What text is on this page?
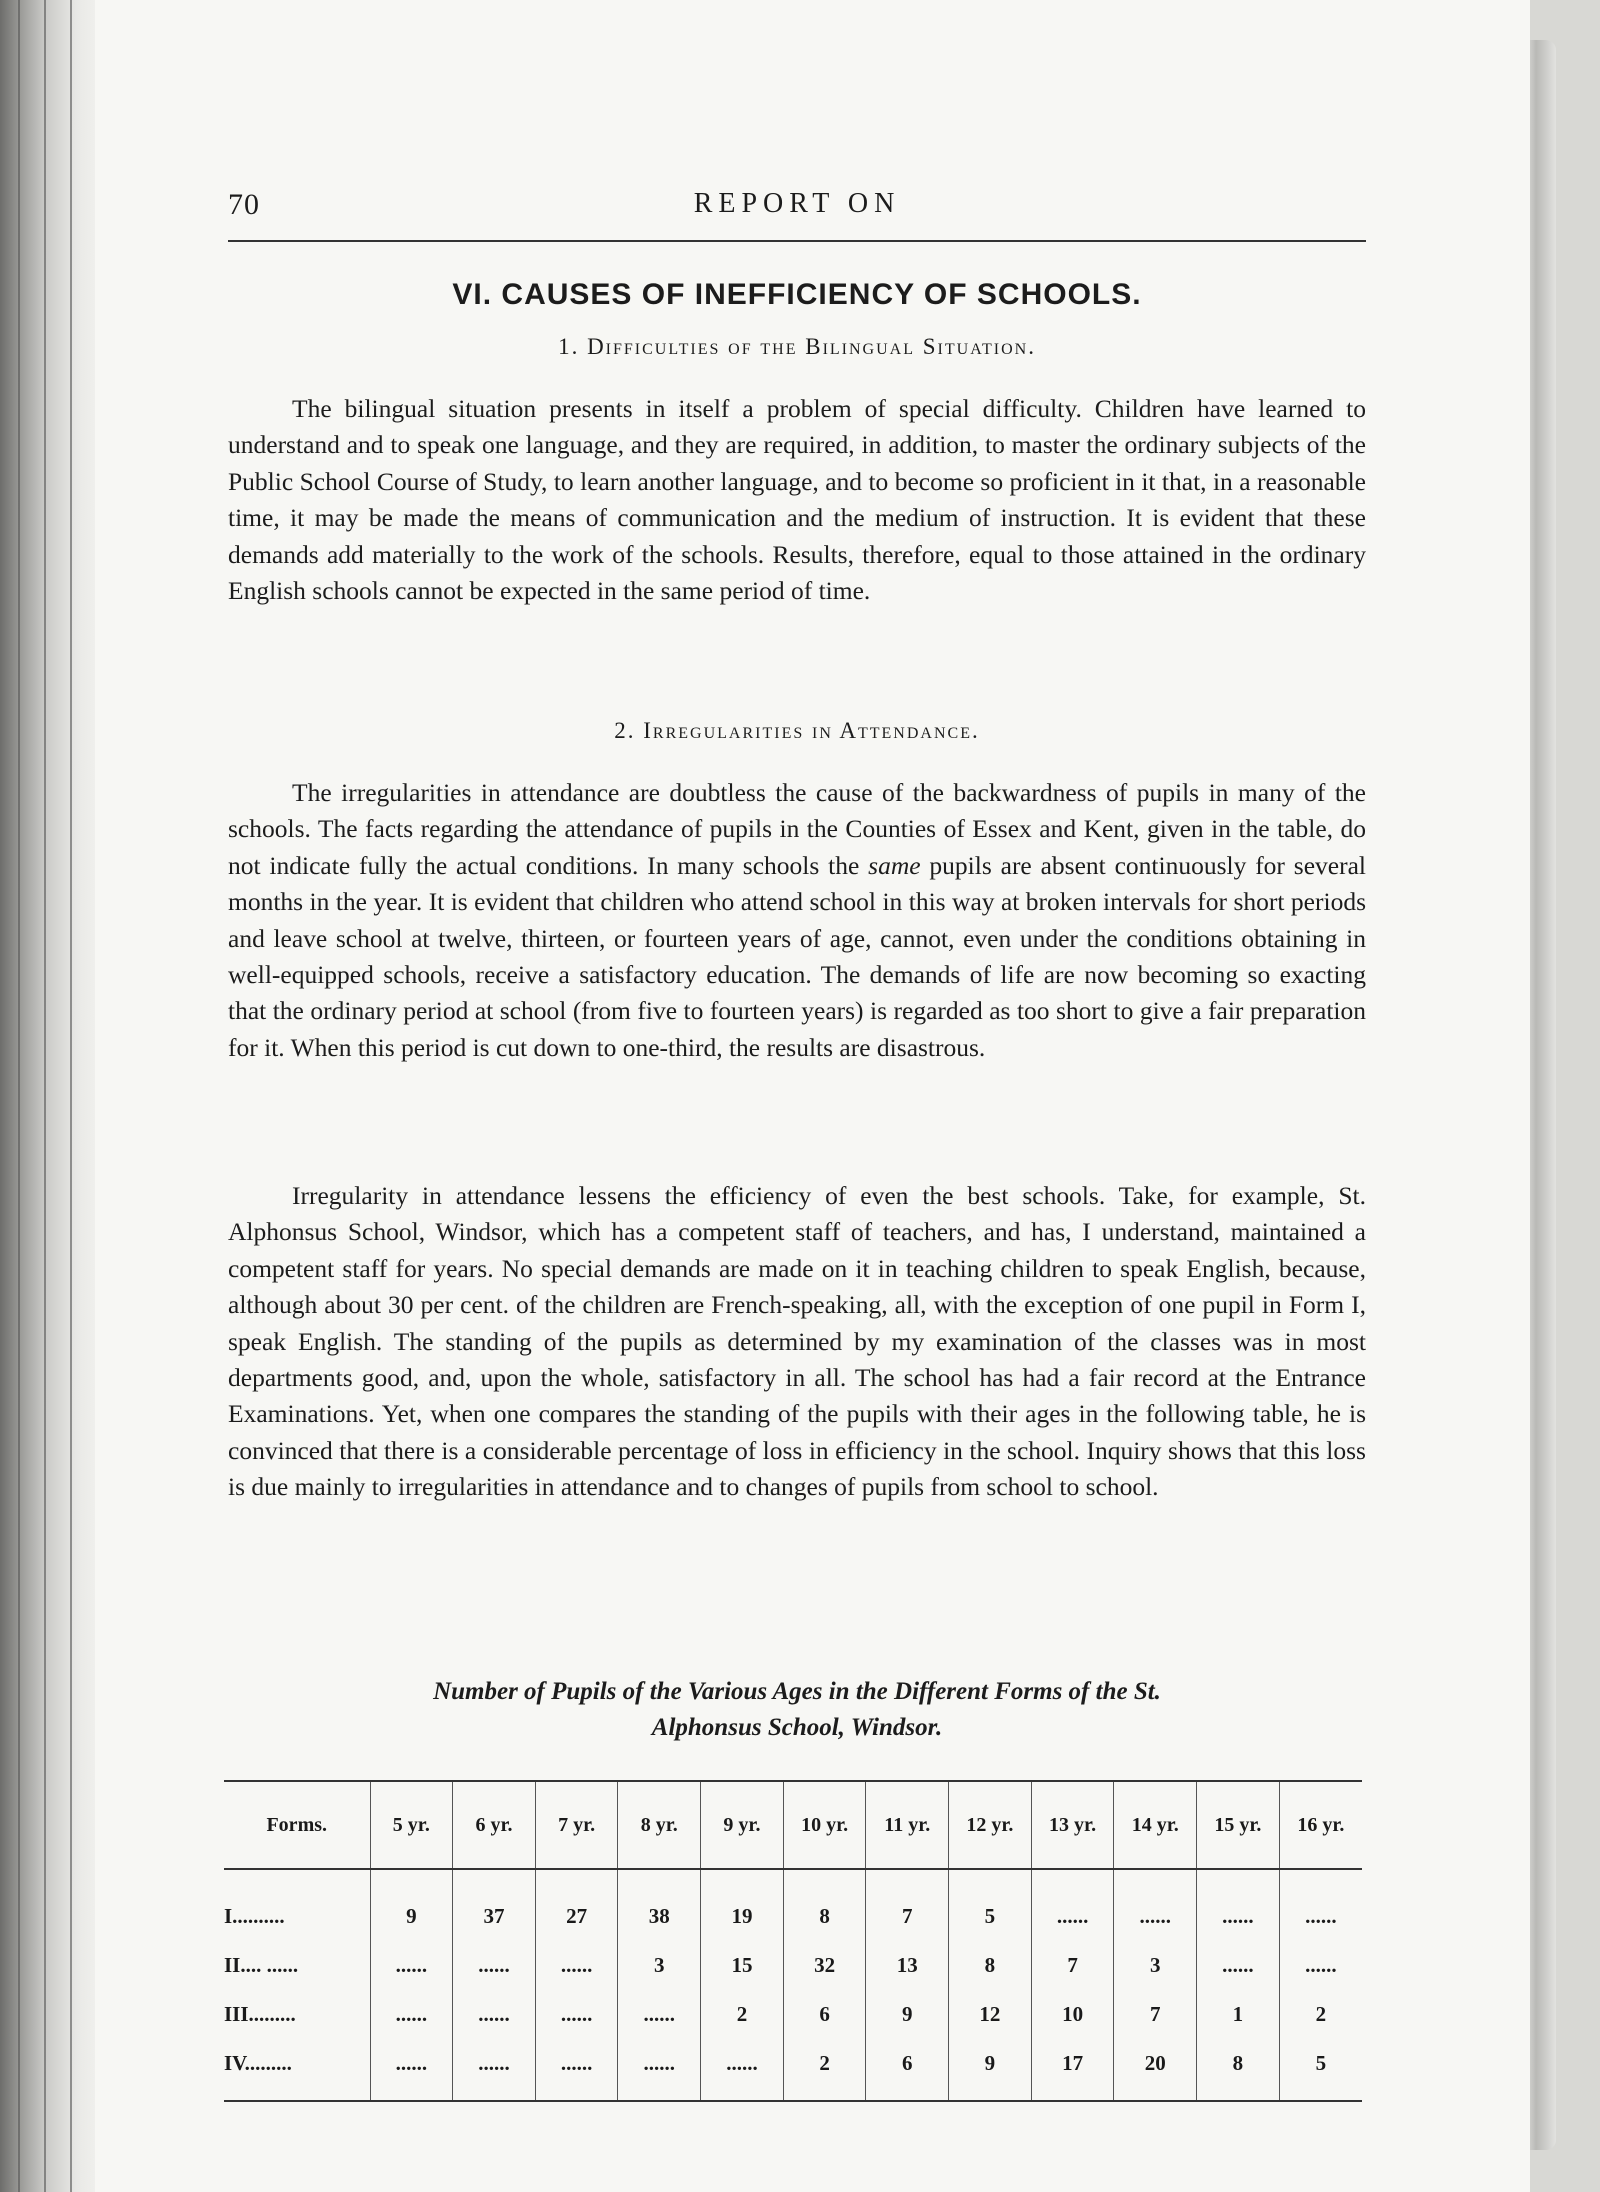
70	REPORT ON
VI. CAUSES OF INEFFICIENCY OF SCHOOLS.
1. Difficulties of the Bilingual Situation.

The bilingual situation presents in itself a problem of special difficulty. Children have learned to understand and to speak one language, and they are required, in addition, to master the ordinary subjects of the Public School Course of Study, to learn another language, and to become so proficient in it that, in a reasonable time, it may be made the means of communication and the medium of instruction. It is evident that these demands add materially to the work of the schools. Results, therefore, equal to those attained in the ordinary English schools cannot be expected in the same period of time.

2. Irregularities in Attendance.

The irregularities in attendance are doubtless the cause of the backwardness of pupils in many of the schools. The facts regarding the attendance of pupils in the Counties of Essex and Kent, given in the table, do not indicate fully the actual conditions. In many schools the same pupils are absent continuously for several months in the year. It is evident that children who attend school in this way at broken intervals for short periods and leave school at twelve, thirteen, or fourteen years of age, cannot, even under the conditions obtaining in well-equipped schools, receive a satisfactory education. The demands of life are now becoming so exacting that the ordinary period at school (from five to fourteen years) is regarded as too short to give a fair preparation for it. When this period is cut down to one-third, the results are disastrous.

Irregularity in attendance lessens the efficiency of even the best schools. Take, for example, St. Alphonsus School, Windsor, which has a competent staff of teachers, and has, I understand, maintained a competent staff for years. No special demands are made on it in teaching children to speak English, because, although about 30 per cent. of the children are French-speaking, all, with the exception of one pupil in Form I, speak English. The standing of the pupils as determined by my examination of the classes was in most departments good, and, upon the whole, satisfactory in all. The school has had a fair record at the Entrance Examinations. Yet, when one compares the standing of the pupils with their ages in the following table, he is convinced that there is a considerable percentage of loss in efficiency in the school. Inquiry shows that this loss is due mainly to irregularities in attendance and to changes of pupils from school to school.

Number of Pupils of the Various Ages in the Different Forms of the St.
Alphonsus School, Windsor.
Forms.	5 yr.	6 yr.	7 yr.	8 yr.	9 yr.	10 yr.	11 yr.	12 yr.	13 yr.	14 yr.	15 yr.	16 yr.
I..........	9	37	27	38	19	8	7	5	......	......	......	......
II.... ......	......	......	......	3	15	32	13	8	7	3	......	......
III.........	......	......	......	......	2	6	9	12	10	7	1	2
IV.........	......	......	......	......	......	2	6	9	17	20	8	5
